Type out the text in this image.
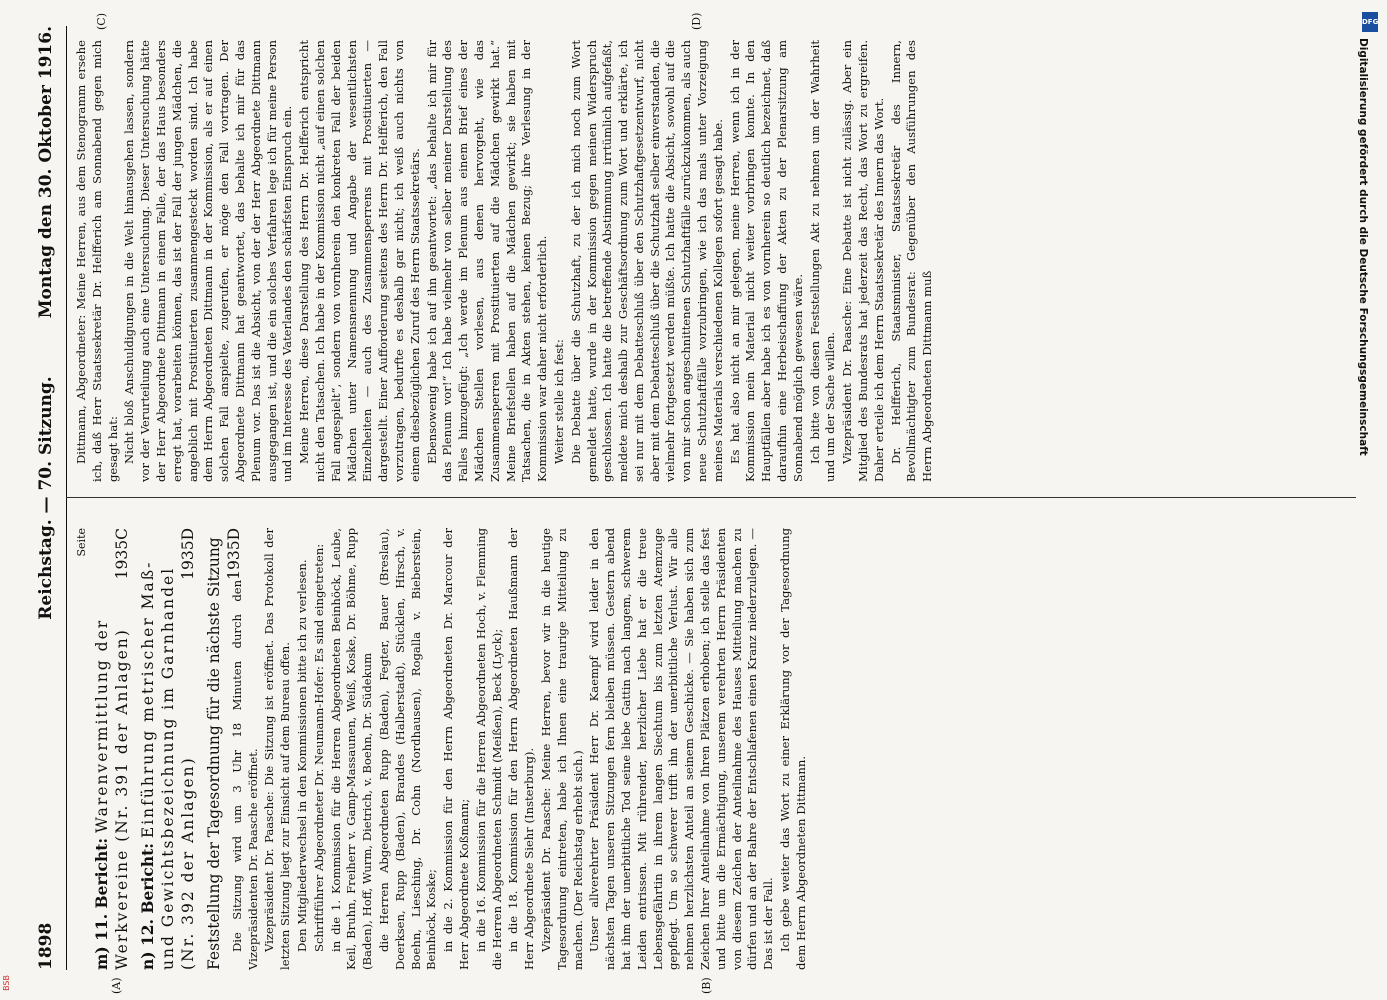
1898
Reichstag. — 70. Sitzung.
Montag den 30. Oktober 1916.
(A)	(B)
(C)	(D)
Seite
m) 11. Bericht: Warenvermittlung der Werkvereine (Nr. 391 der Anlagen)
1935C
n) 12. Bericht: Einführung metrischer Maß- und Gewichtsbezeichnung im Garnhandel (Nr. 392 der Anlagen)
1935D Feststellung der Tagesordnung für die nächste Sitzung 1935D

Die Sitzung wird um 3 Uhr 18 Minuten durch den Vizepräsidenten Dr. Paasche eröffnet. Vizepräsident Dr. Paasche: Die Sitzung ist eröffnet. Das Protokoll der letzten Sitzung liegt zur Einsicht auf dem Bureau offen. Den Mitgliederwechsel in den Kommissionen bitte ich zu verlesen. Schriftführer Abgeordneter Dr. Neumann-Hofer: Es sind eingetreten: in die 1. Kommission für die Herren Abgeordneten Beinhöck, Leube, Keil, Bruhn, Freiherr v. Gamp-Massaunen, Weiß, Koske, Dr. Böhme, Rupp (Baden), Hoff, Wurm, Dietrich, v. Boehn, Dr. Südekum die Herren Abgeordneten Rupp (Baden), Fegter, Bauer (Breslau), Doerksen, Rupp (Baden), Brandes (Halberstadt), Stücklen, Hirsch, v. Boehn, Liesching, Dr. Cohn (Nordhausen), Rogalla v. Bieberstein, Beinhöck, Koske; in die 2. Kommission für den Herrn Abgeordneten Dr. Marcour der Herr Abgeordnete Koßmann; in die 16. Kommission für die Herren Abgeordneten Hoch, v. Flemming die Herren Abgeordneten Schmidt (Meißen), Beck (Lyck); in die 18. Kommission für den Herrn Abgeordneten Haußmann der Herr Abgeordnete Siehr (Insterburg). Vizepräsident Dr. Paasche: Meine Herren, bevor wir in die heutige Tagesordnung eintreten, habe ich Ihnen eine traurige Mitteilung zu machen. (Der Reichstag erhebt sich.) Unser allverehrter Präsident Herr Dr. Kaempf wird leider in den nächsten Tagen unseren Sitzungen fern bleiben müssen. Gestern abend hat ihm der unerbittliche Tod seine liebe Gattin nach langem, schwerem Leiden entrissen. Mit rührender, herzlicher Liebe hat er die treue Lebensgefährtin in ihrem langen Siechtum bis zum letzten Atemzuge gepflegt. Um so schwerer trifft ihn der unerbittliche Verlust. Wir alle nehmen herzlichsten Anteil an seinem Geschicke. — Sie haben sich zum Zeichen Ihrer Anteilnahme von Ihren Plätzen erhoben; ich stelle das fest und bitte um die Ermächtigung, unserem verehrten Herrn Präsidenten von diesem Zeichen der Anteilnahme des Hauses Mitteilung machen zu dürfen und an der Bahre der Entschlafenen einen Kranz niederzulegen. — Das ist der Fall. Ich gebe weiter das Wort zu einer Erklärung vor der Tagesordnung dem Herrn Abgeordneten Dittmann.

Dittmann, Abgeordneter: Meine Herren, aus dem Stenogramm ersehe ich, daß Herr Staatssekretär Dr. Helfferich am Sonnabend gegen mich gesagt hat: Nicht bloß Anschuldigungen in die Welt hinausgehen lassen, sondern vor der Verurteilung auch eine Untersuchung. Dieser Untersuchung hätte der Herr Abgeordnete Dittmann in einem Falle, der das Haus besonders erregt hat, vorarbeiten können, das ist der Fall der jungen Mädchen, die angeblich mit Prostituierten zusammengesteckt worden sind. Ich habe dem Herrn Abgeordneten Dittmann in der Kommission, als er auf einen solchen Fall anspielte, zugerufen, er möge den Fall vortragen. Der Abgeordnete Dittmann hat geantwortet, das behalte ich mir für das Plenum vor. Das ist die Absicht, von der der Herr Abgeordnete Dittmann ausgegangen ist, und die ein solches Verfahren lege ich für meine Person und im Interesse des Vaterlandes den schärfsten Einspruch ein. Meine Herren, diese Darstellung des Herrn Dr. Helfferich entspricht nicht den Tatsachen. Ich habe in der Kommission nicht „auf einen solchen Fall angespielt“, sondern von vornherein den konkreten Fall der beiden Mädchen unter Namensnennung und Angabe der wesentlichsten Einzelheiten — auch des Zusammensperrens mit Prostituierten — dargestellt. Einer Aufforderung seitens des Herrn Dr. Helfferich, den Fall vorzutragen, bedurfte es deshalb gar nicht; ich weiß auch nichts von einem diesbezüglichen Zuruf des Herrn Staatssekretärs. Ebensowenig habe ich auf ihn geantwortet: „das behalte ich mir für das Plenum vor!“ Ich habe vielmehr von selber meiner Darstellung des Falles hinzugefügt: „Ich werde im Plenum aus einem Brief eines der Mädchen Stellen vorlesen, aus denen hervorgeht, wie das Zusammensperren mit Prostituierten auf die Mädchen gewirkt hat.“ Meine Briefstellen haben auf die Mädchen gewirkt; sie haben mit Tatsachen, die in Akten stehen, keinen Bezug; ihre Verlesung in der Kommission war daher nicht erforderlich. Weiter stelle ich fest: Die Debatte über die Schutzhaft, zu der ich mich noch zum Wort gemeldet hatte, wurde in der Kommission gegen meinen Widerspruch geschlossen. Ich hatte die betreffende Abstimmung irrtümlich aufgefaßt, meldete mich deshalb zur Geschäftsordnung zum Wort und erklärte, ich sei nur mit dem Debatteschluß über den Schutzhaftgesetzentwurf, nicht aber mit dem Debatteschluß über die Schutzhaft selber einverstanden, die vielmehr fortgesetzt werden müßte. Ich hatte die Absicht, sowohl auf die von mir schon angeschnittenen Schutzhaftfälle zurückzukommen, als auch neue Schutzhaftfälle vorzubringen, wie ich das mals unter Vorzeigung meines Materials verschiedenen Kollegen sofort gesagt habe. Es hat also nicht an mir gelegen, meine Herren, wenn ich in der Kommission mein Material nicht weiter vorbringen konnte. In den Hauptfällen aber habe ich es von vornherein so deutlich bezeichnet, daß daraufhin eine Herbeischaffung der Akten zu der Plenarsitzung am Sonnabend möglich gewesen wäre. Ich bitte von diesen Feststellungen Akt zu nehmen um der Wahrheit und um der Sache willen. Vizepräsident Dr. Paasche: Eine Debatte ist nicht zulässig. Aber ein Mitglied des Bundesrats hat jederzeit das Recht, das Wort zu ergreifen. Daher erteile ich dem Herrn Staatssekretär des Innern das Wort. Dr. Helfferich, Staatsminister, Staatssekretär des Innern, Bevollmächtigter zum Bundesrat: Gegenüber den Ausführungen des Herrn Abgeordneten Dittmann muß

DFG
Digitalisierung gefördert durch die Deutsche Forschungsgemeinschaft
BSB
